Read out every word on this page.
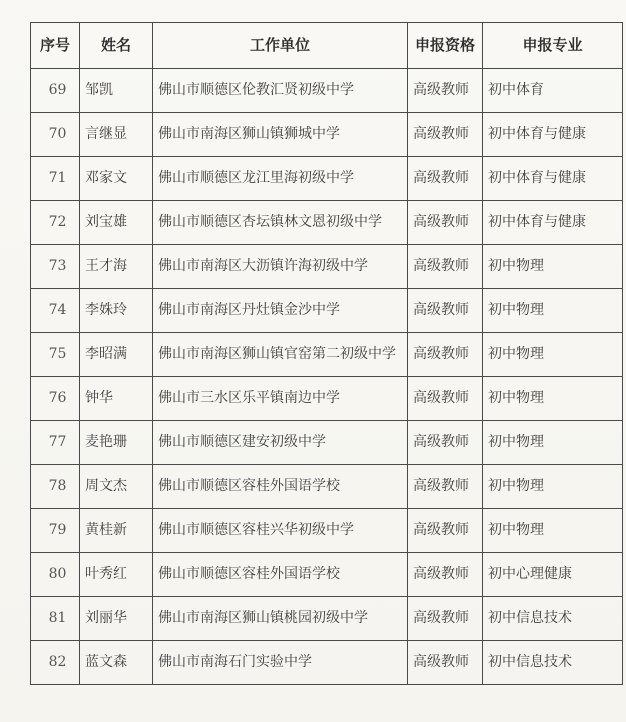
序号	姓名	工作单位	申报资格	申报专业
69	邹凯	佛山市顺德区伦教汇贤初级中学	高级教师	初中体育
70	言继显	佛山市南海区狮山镇狮城中学	高级教师	初中体育与健康
71	邓家文	佛山市顺德区龙江里海初级中学	高级教师	初中体育与健康
72	刘宝雄	佛山市顺德区杏坛镇林文恩初级中学	高级教师	初中体育与健康
73	王才海	佛山市南海区大沥镇许海初级中学	高级教师	初中物理
74	李姝玲	佛山市南海区丹灶镇金沙中学	高级教师	初中物理
75	李昭满	佛山市南海区狮山镇官窑第二初级中学	高级教师	初中物理
76	钟华	佛山市三水区乐平镇南边中学	高级教师	初中物理
77	麦艳珊	佛山市顺德区建安初级中学	高级教师	初中物理
78	周文杰	佛山市顺德区容桂外国语学校	高级教师	初中物理
79	黄桂新	佛山市顺德区容桂兴华初级中学	高级教师	初中物理
80	叶秀红	佛山市顺德区容桂外国语学校	高级教师	初中心理健康
81	刘丽华	佛山市南海区狮山镇桃园初级中学	高级教师	初中信息技术
82	蓝文森	佛山市南海石门实验中学	高级教师	初中信息技术
